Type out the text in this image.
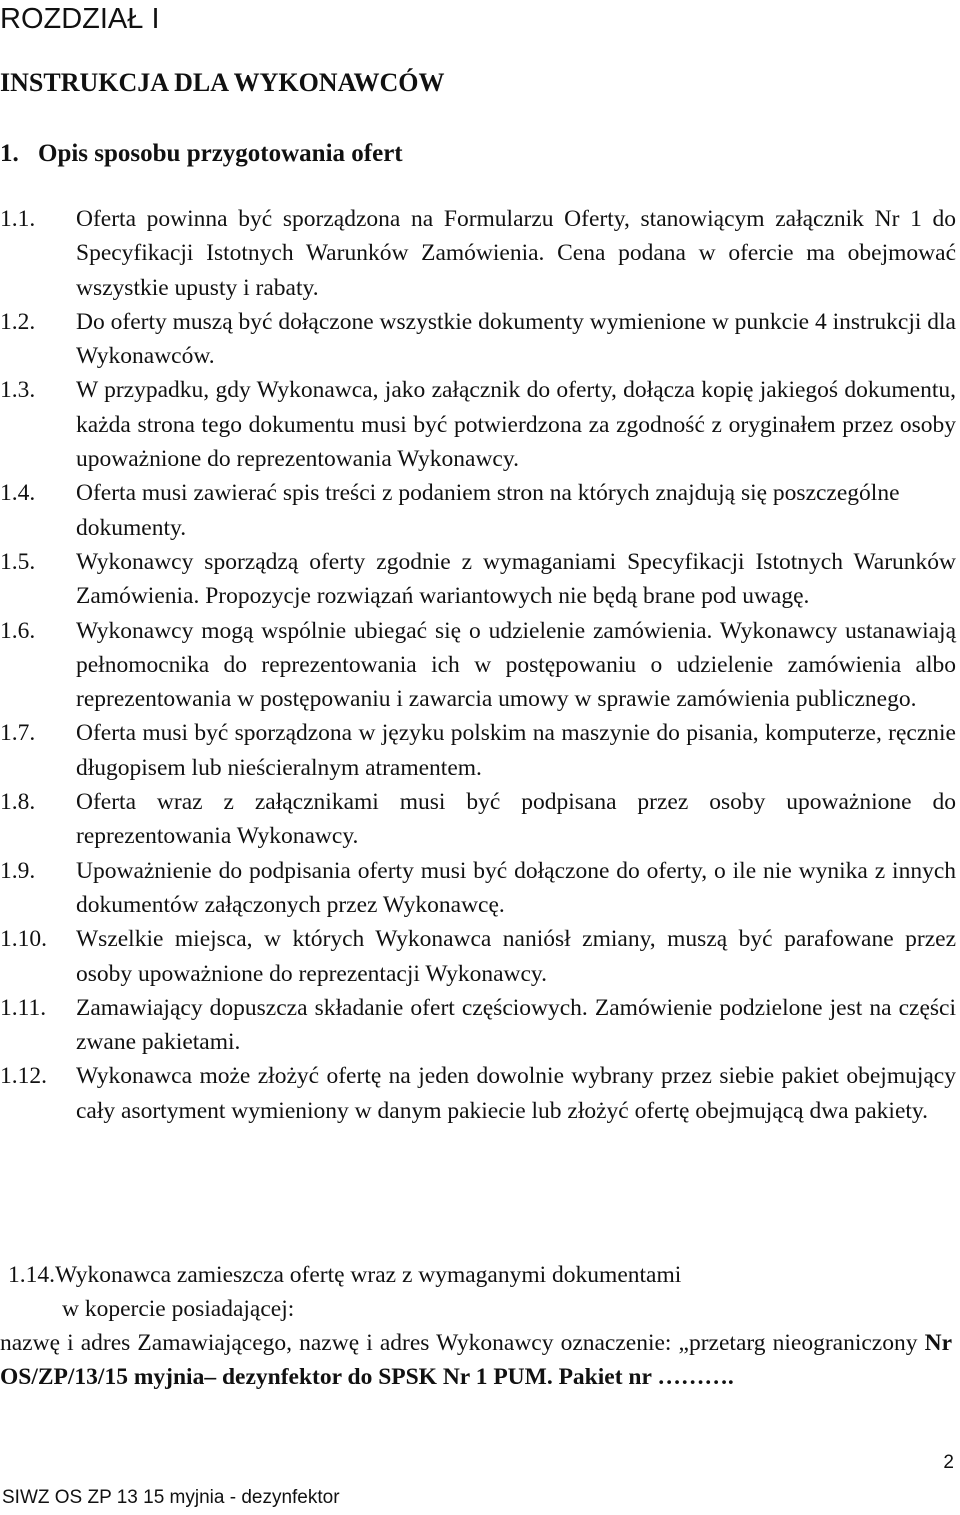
ROZDZIAŁ I
INSTRUKCJA DLA WYKONAWCÓW
1. Opis sposobu przygotowania ofert
1.1.	Oferta powinna być sporządzona na Formularzu Oferty, stanowiącym załącznik Nr 1 do Specyfikacji Istotnych Warunków Zamówienia. Cena podana w ofercie ma obejmować wszystkie upusty i rabaty.
1.2.	Do oferty muszą być dołączone wszystkie dokumenty wymienione w punkcie 4 instrukcji dla Wykonawców.
1.3.	W przypadku, gdy Wykonawca, jako załącznik do oferty, dołącza kopię jakiegoś dokumentu, każda strona tego dokumentu musi być potwierdzona za zgodność z oryginałem przez osoby upoważnione do reprezentowania Wykonawcy.
1.4.	Oferta musi zawierać spis treści z podaniem stron na których znajdują się poszczególne dokumenty.
1.5.	Wykonawcy sporządzą oferty zgodnie z wymaganiami Specyfikacji Istotnych Warunków Zamówienia. Propozycje rozwiązań wariantowych nie będą brane pod uwagę.
1.6.	Wykonawcy mogą wspólnie ubiegać się o udzielenie zamówienia. Wykonawcy ustanawiają pełnomocnika do reprezentowania ich w postępowaniu o udzielenie zamówienia albo reprezentowania w postępowaniu i zawarcia umowy w sprawie zamówienia publicznego.
1.7.	Oferta musi być sporządzona w języku polskim na maszynie do pisania, komputerze, ręcznie długopisem lub nieścieralnym atramentem.
1.8.	Oferta wraz z załącznikami musi być podpisana przez osoby upoważnione do reprezentowania Wykonawcy.
1.9.	Upoważnienie do podpisania oferty musi być dołączone do oferty, o ile nie wynika z innych dokumentów załączonych przez Wykonawcę.
1.10.	Wszelkie miejsca, w których Wykonawca naniósł zmiany, muszą być parafowane przez osoby upoważnione do reprezentacji Wykonawcy.
1.11.	Zamawiający dopuszcza składanie ofert częściowych. Zamówienie podzielone jest na części zwane pakietami.
1.12.	Wykonawca może złożyć ofertę na jeden dowolnie wybrany przez siebie pakiet obejmujący cały asortyment wymieniony w danym pakiecie lub złożyć ofertę obejmującą dwa pakiety.
1.14.Wykonawca zamieszcza ofertę wraz z wymaganymi dokumentami
w kopercie posiadającej:
nazwę i adres Zamawiającego, nazwę i adres Wykonawcy oznaczenie: „przetarg nieograniczony Nr OS/ZP/13/15 myjnia– dezynfektor do SPSK Nr 1 PUM. Pakiet nr ……….
2
SIWZ OS ZP 13 15 myjnia - dezynfektor
